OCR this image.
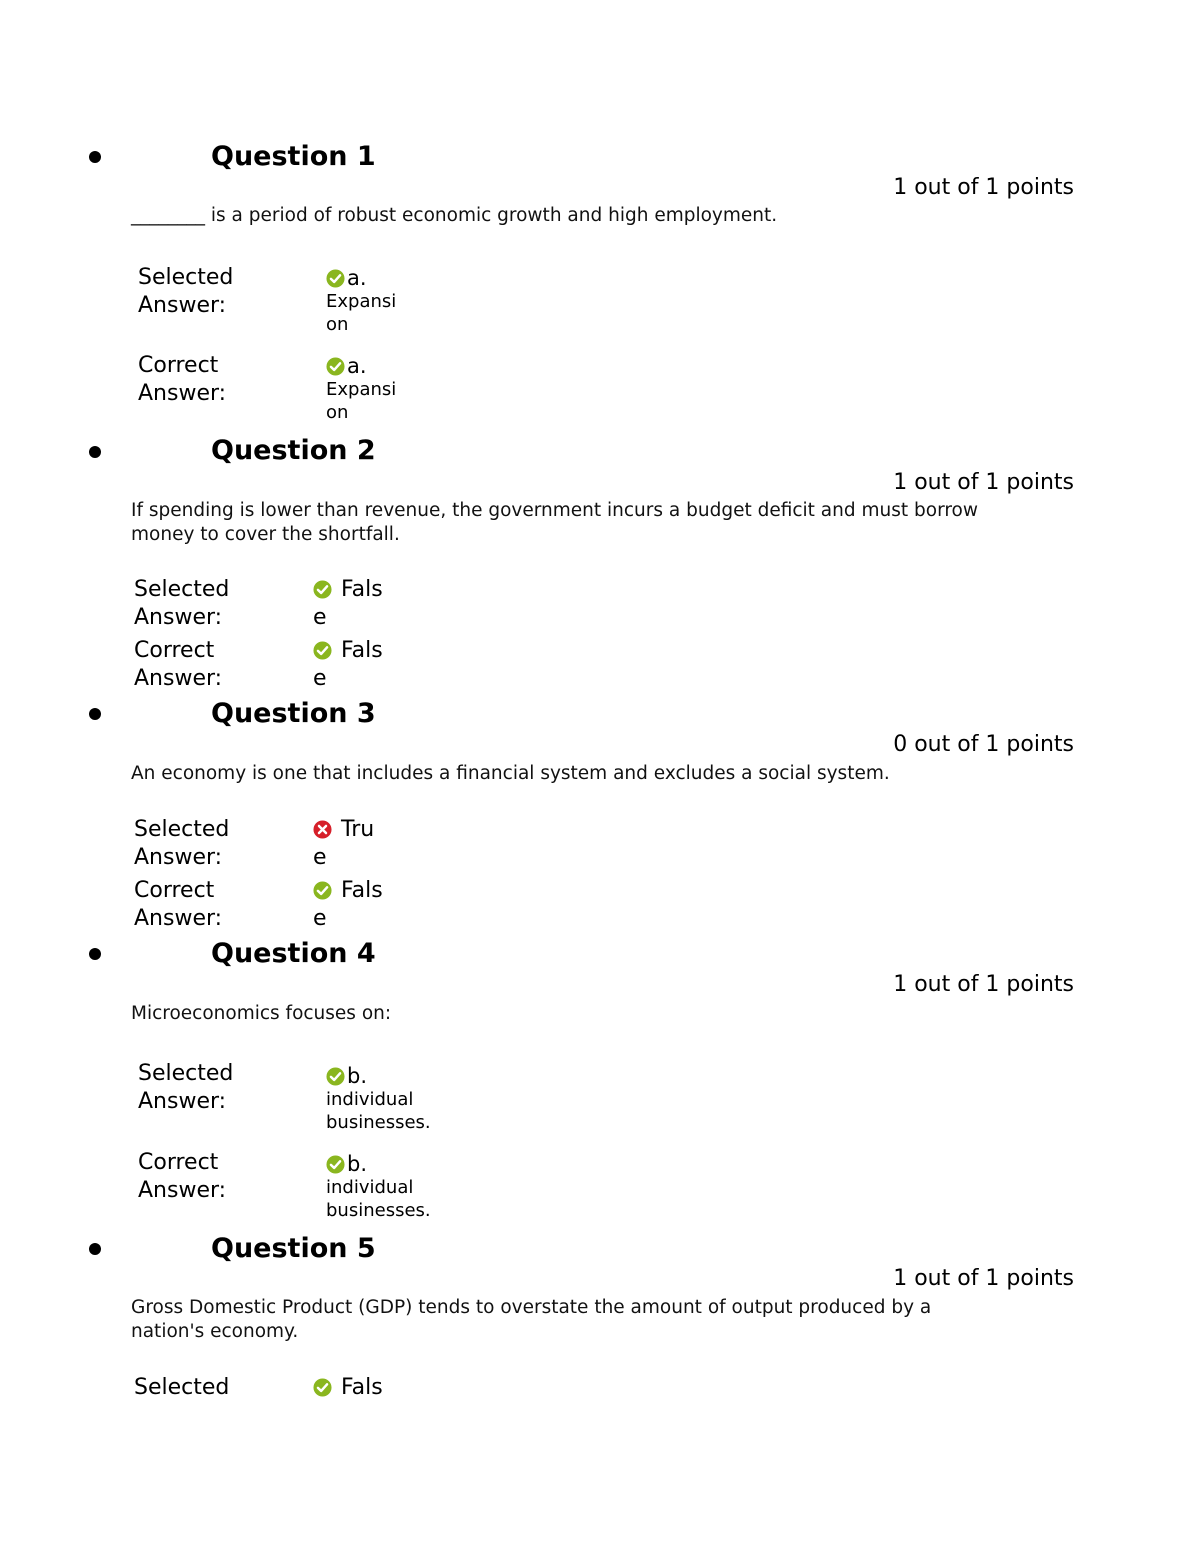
Question 1
1 out of 1 points
________ is a period of robust economic growth and high employment.
Selected
Answer:
a.
Expansi
on
Correct
Answer:
a.
Expansi
on
Question 2
1 out of 1 points
If spending is lower than revenue, the government incurs a budget deficit and must borrow money to cover the shortfall.
Selected
Answer:
Fals
e
Correct
Answer:
Fals
e
Question 3
0 out of 1 points
An economy is one that includes a financial system and excludes a social system.
Selected
Answer:
Tru
e
Correct
Answer:
Fals
e
Question 4
1 out of 1 points
Microeconomics focuses on:
Selected
Answer:
b.
individual
businesses.
Correct
Answer:
b.
individual
businesses.
Question 5
1 out of 1 points
Gross Domestic Product (GDP) tends to overstate the amount of output produced by a nation's economy.
Selected	Fals
